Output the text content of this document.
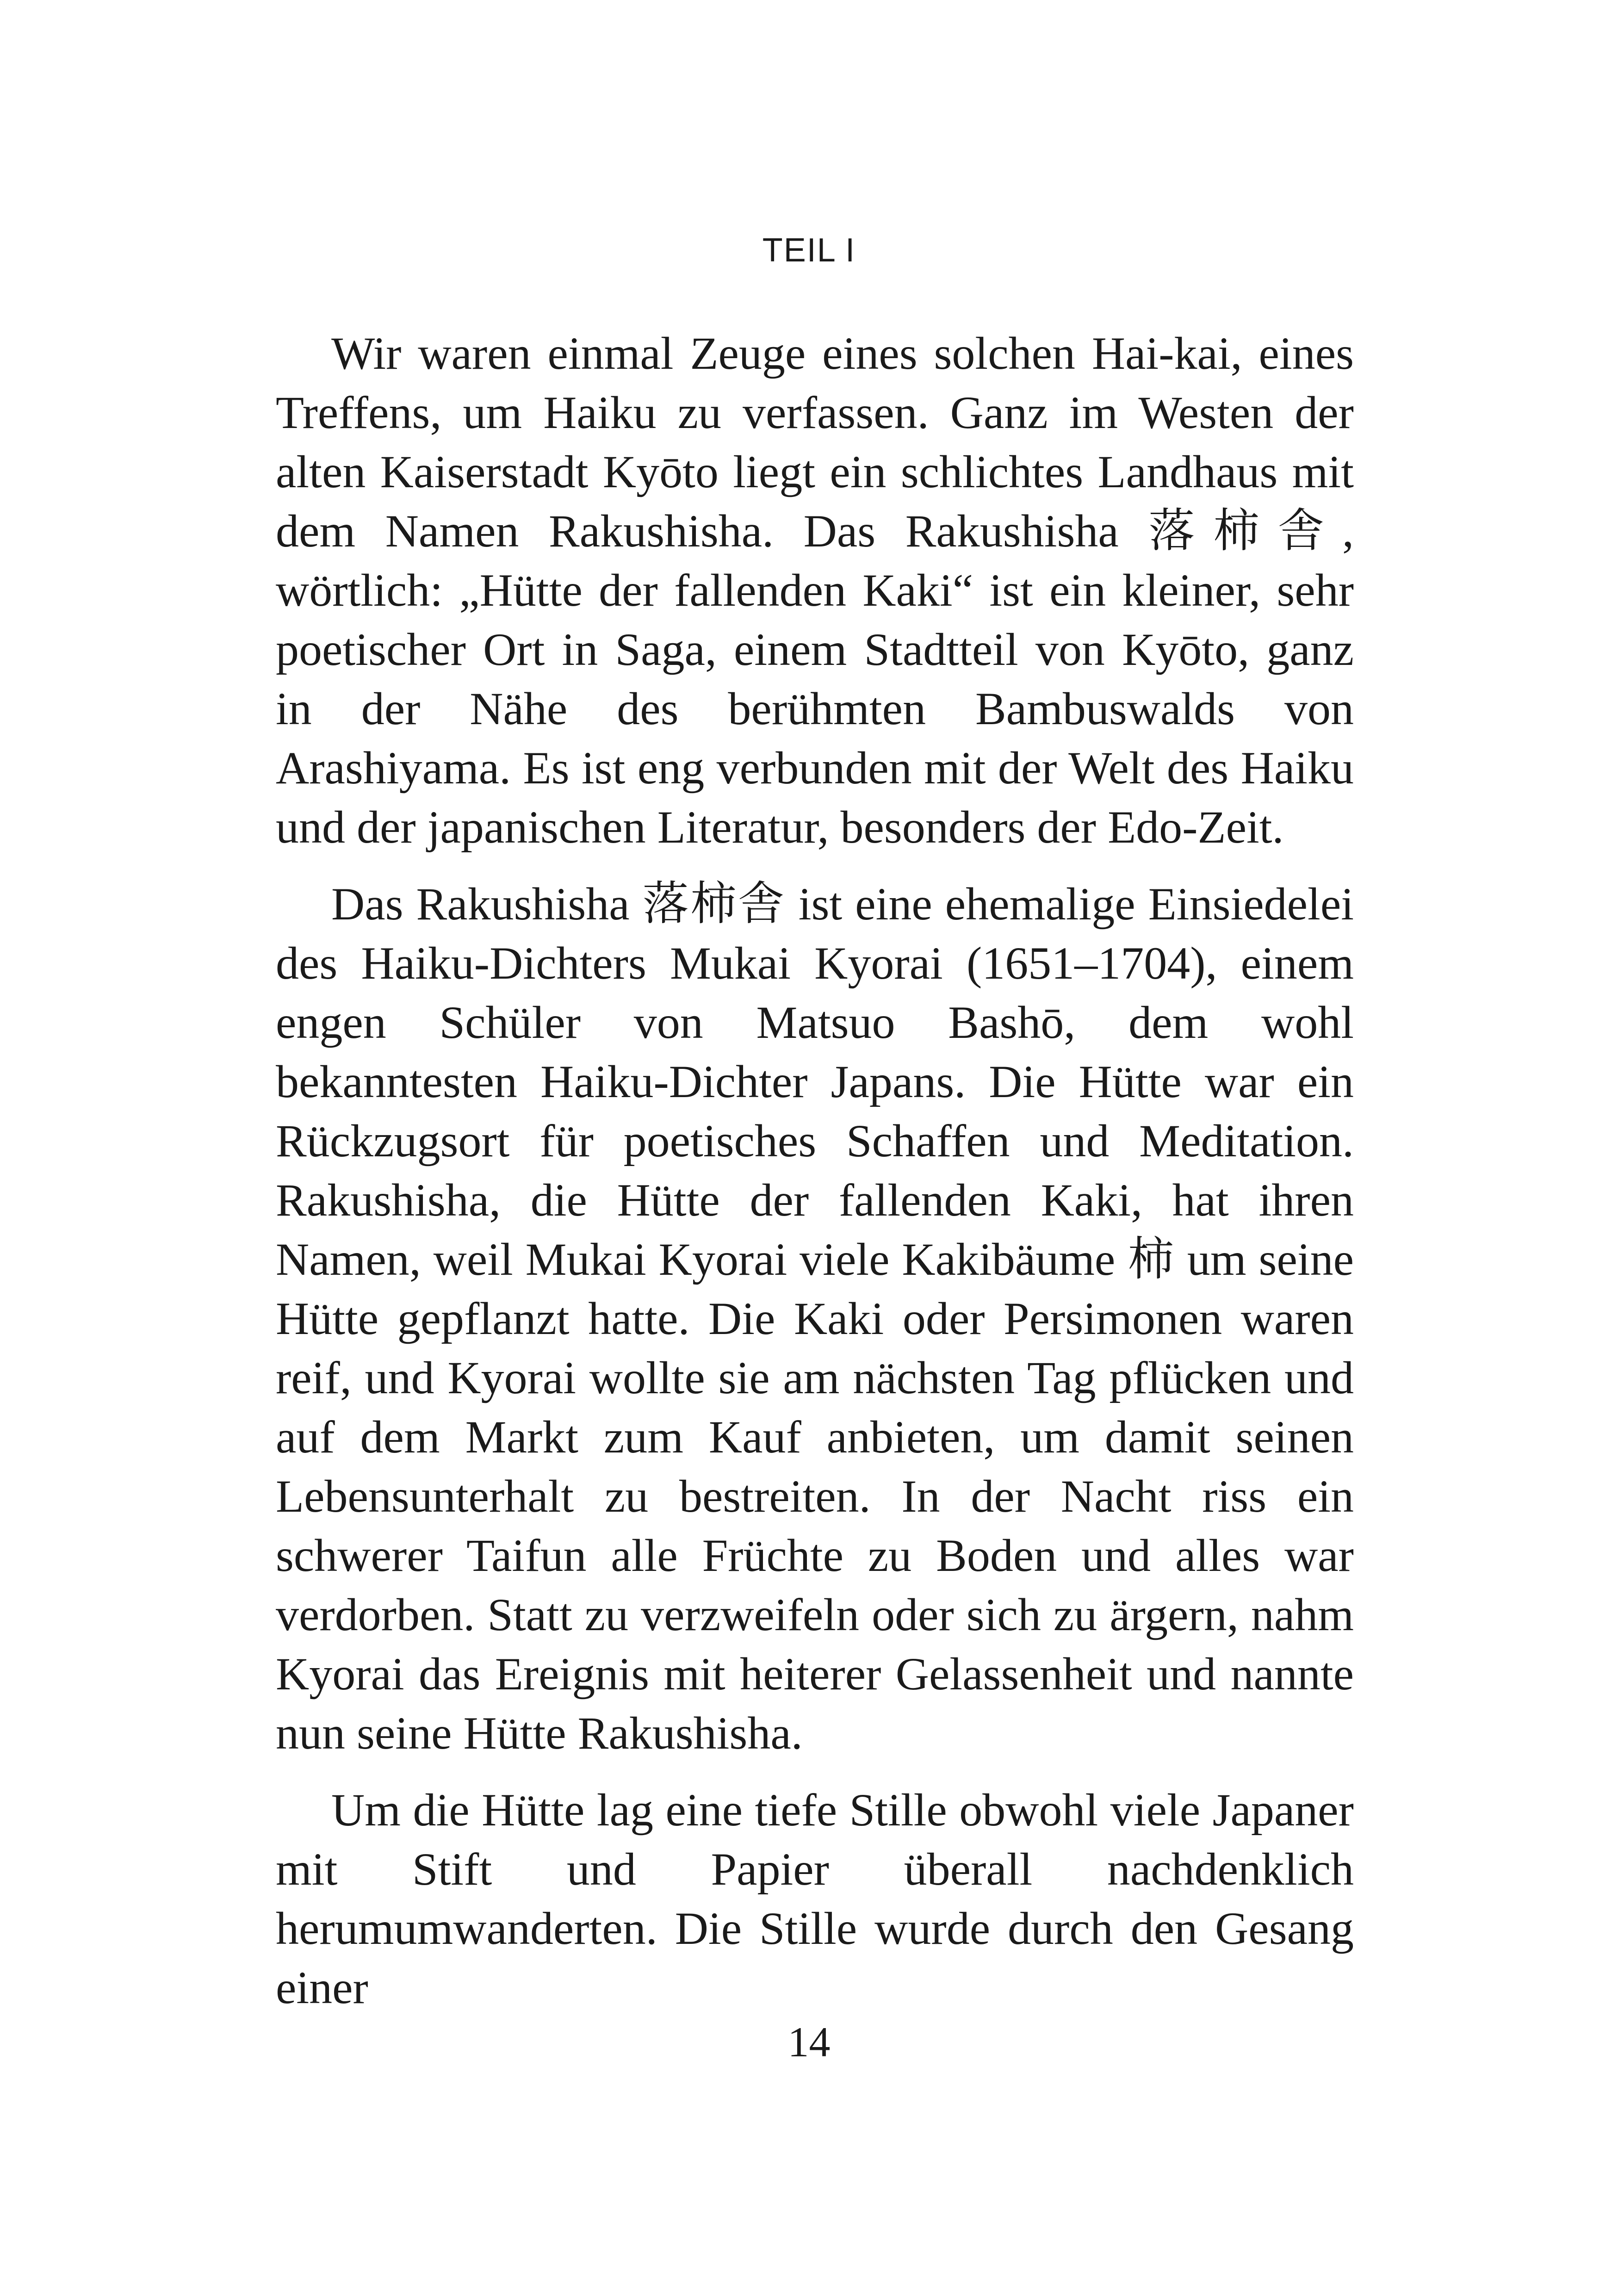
TEIL I

Wir waren einmal Zeuge eines solchen Hai-kai, eines Treffens, um Haiku zu verfassen. Ganz im Westen der alten Kaiserstadt Kyōto liegt ein schlichtes Landhaus mit dem Namen Rakushisha. Das Rakushisha 落柿舎, wörtlich: „Hütte der fallenden Kaki“ ist ein kleiner, sehr poetischer Ort in Saga, einem Stadtteil von Kyōto, ganz in der Nähe des berühmten Bambuswalds von Arashiyama. Es ist eng verbunden mit der Welt des Haiku und der japanischen Literatur, besonders der Edo-Zeit.

Das Rakushisha 落柿舎 ist eine ehemalige Einsiedelei des Haiku-Dichters Mukai Kyorai (1651–1704), einem engen Schüler von Matsuo Bashō, dem wohl bekanntesten Haiku-Dichter Japans. Die Hütte war ein Rückzugsort für poetisches Schaffen und Meditation. Rakushisha, die Hütte der fallenden Kaki, hat ihren Namen, weil Mukai Kyorai viele Kakibäume 柿 um seine Hütte gepflanzt hatte. Die Kaki oder Persimonen waren reif, und Kyorai wollte sie am nächsten Tag pflücken und auf dem Markt zum Kauf anbieten, um damit seinen Lebensunterhalt zu bestreiten. In der Nacht riss ein schwerer Taifun alle Früchte zu Boden und alles war verdorben. Statt zu verzweifeln oder sich zu ärgern, nahm Kyorai das Ereignis mit heiterer Gelassenheit und nannte nun seine Hütte Rakushisha.

Um die Hütte lag eine tiefe Stille obwohl viele Japaner mit Stift und Papier überall nachdenklich herumumwanderten. Die Stille wurde durch den Gesang einer

14
